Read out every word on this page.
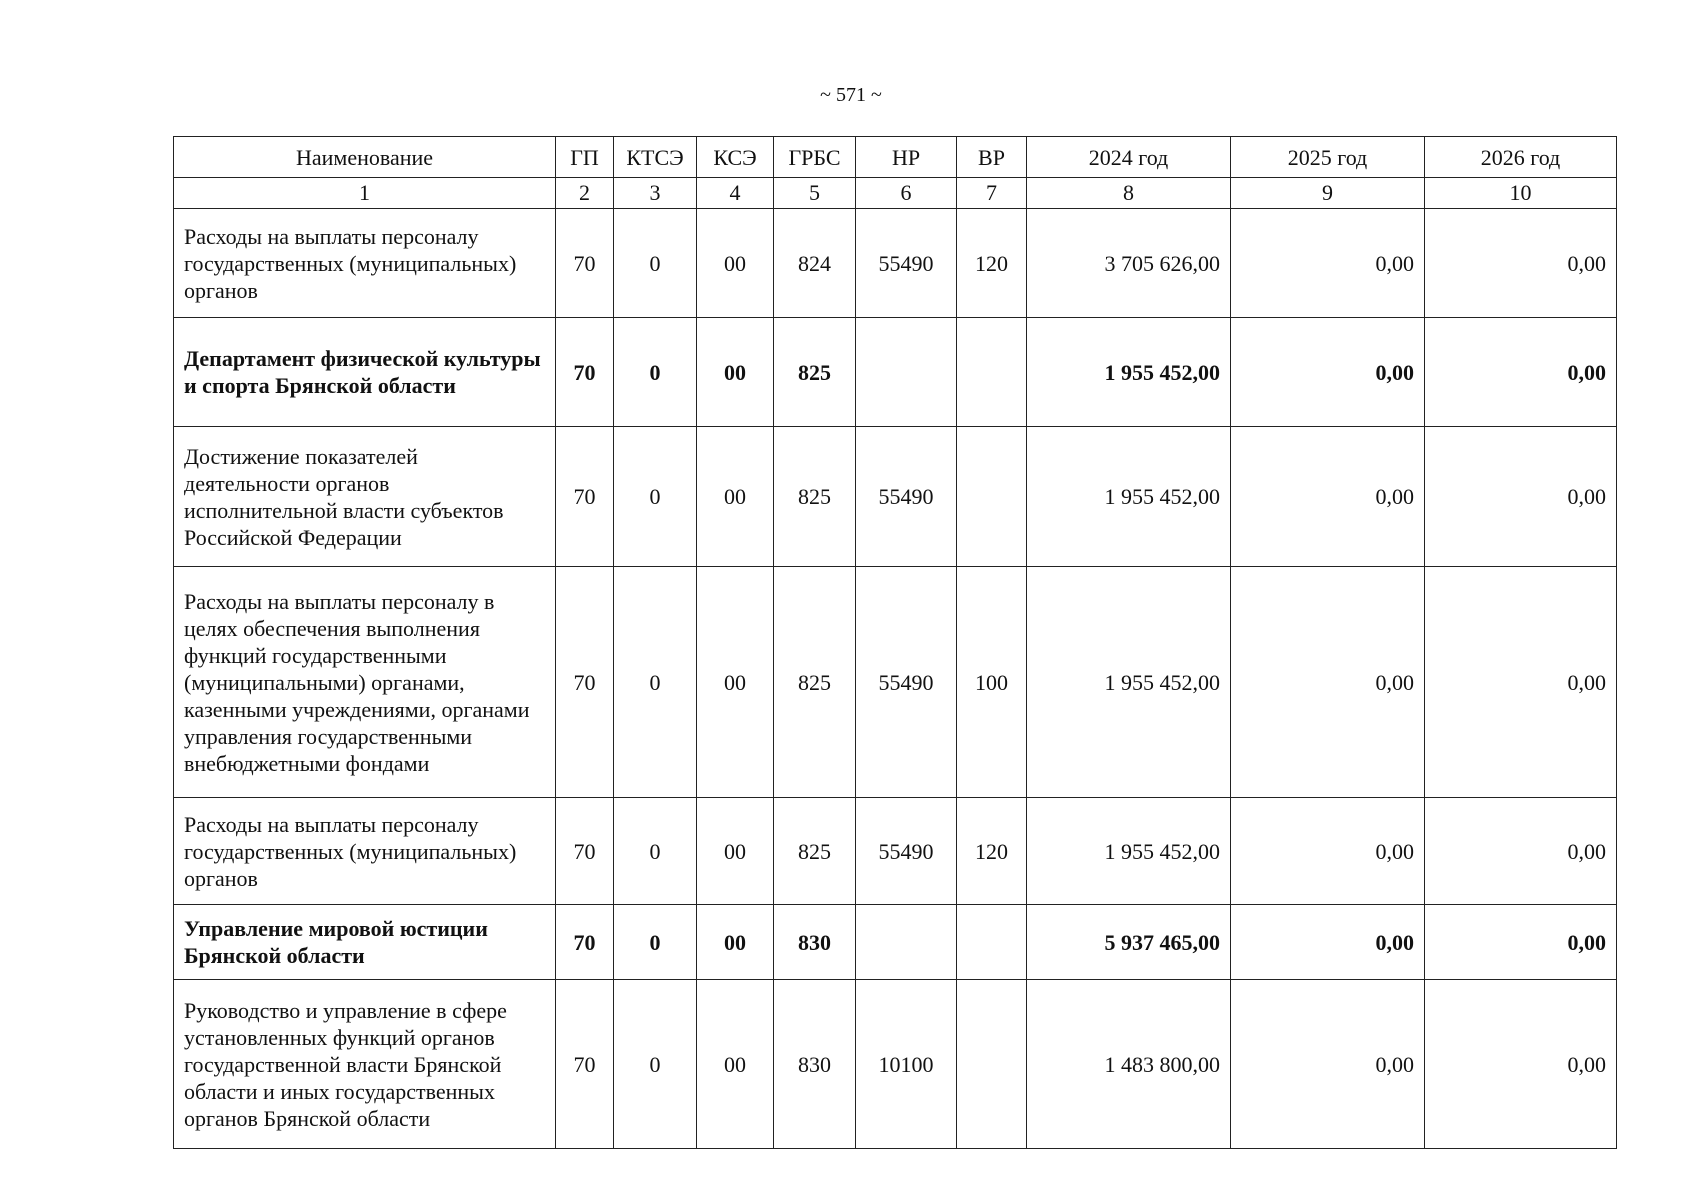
~ 571 ~
Наименование	ГП	КТСЭ	КСЭ	ГРБС	НР	ВР	2024 год	2025 год	2026 год
1	2	3	4	5	6	7	8	9	10
Расходы на выплаты персоналу государственных (муниципальных) органов	70	0	00	824	55490	120	3 705 626,00	0,00	0,00
Департамент физической культуры и спорта Брянской области	70	0	00	825			1 955 452,00	0,00	0,00
Достижение показателей деятельности органов исполнительной власти субъектов Российской Федерации	70	0	00	825	55490		1 955 452,00	0,00	0,00
Расходы на выплаты персоналу в целях обеспечения выполнения функций государственными (муниципальными) органами, казенными учреждениями, органами управления государственными внебюджетными фондами	70	0	00	825	55490	100	1 955 452,00	0,00	0,00
Расходы на выплаты персоналу государственных (муниципальных) органов	70	0	00	825	55490	120	1 955 452,00	0,00	0,00
Управление мировой юстиции Брянской области	70	0	00	830			5 937 465,00	0,00	0,00
Руководство и управление в сфере установленных функций органов государственной власти Брянской области и иных государственных органов Брянской области	70	0	00	830	10100		1 483 800,00	0,00	0,00
